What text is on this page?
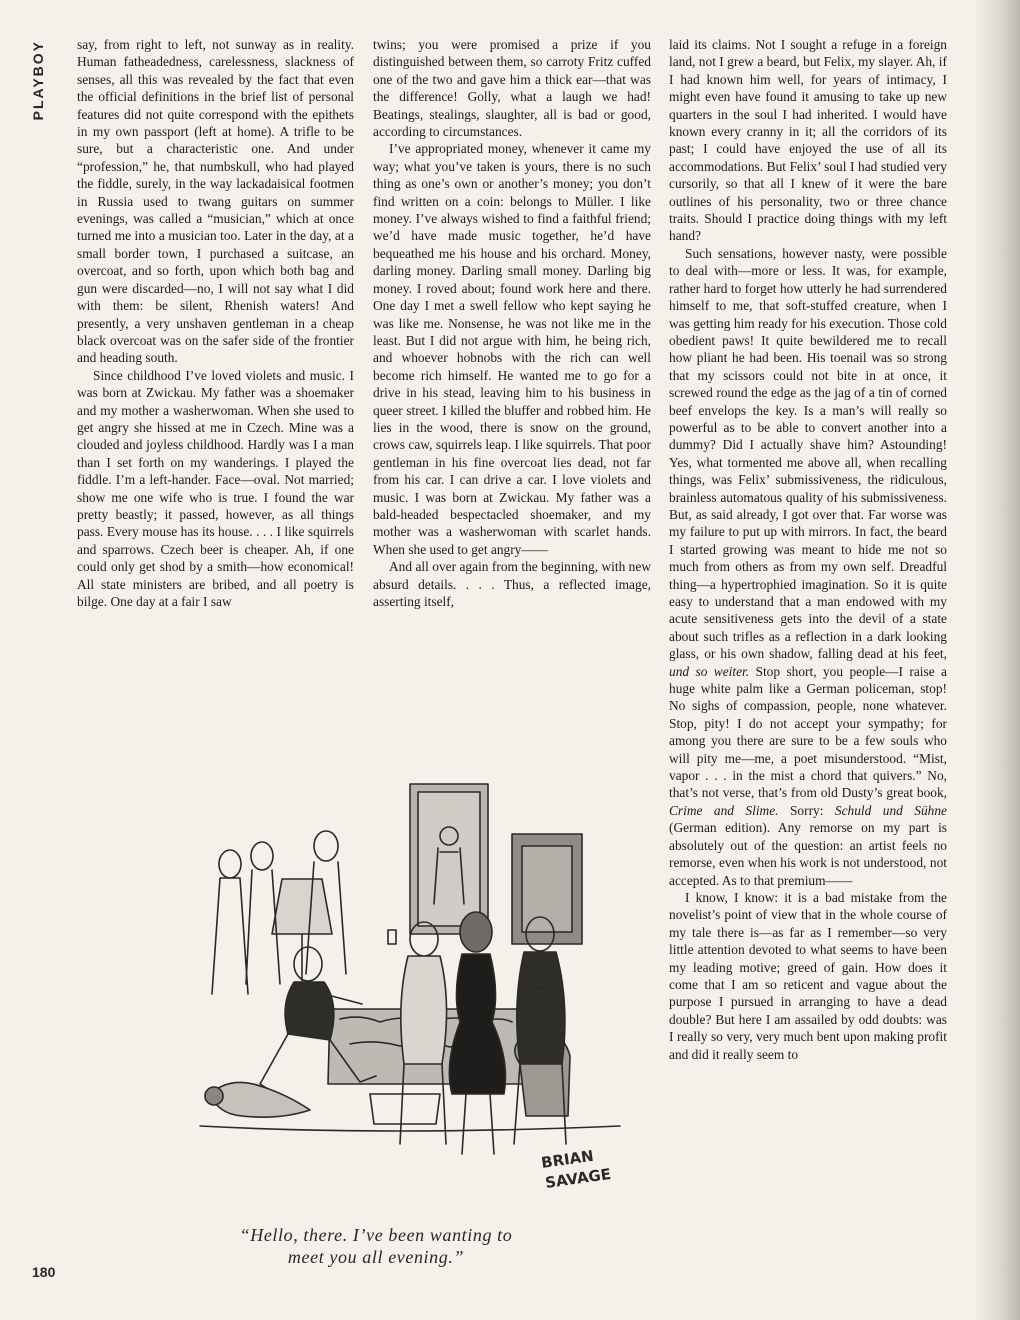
PLAYBOY	say, from right to left, not sunway as in reality. Human fatheadedness, carelessness, slackness of senses, all this was revealed by the fact that even the official definitions in the brief list of personal features did not quite correspond with the epithets in my own passport (left at home). A trifle to be sure, but a characteristic one. And under “profession,” he, that numbskull, who had played the fiddle, surely, in the way lackadaisical footmen in Russia used to twang guitars on summer evenings, was called a “musician,” which at once turned me into a musician too. Later in the day, at a small border town, I purchased a suitcase, an overcoat, and so forth, upon which both bag and gun were discarded—no, I will not say what I did with them: be silent, Rhenish waters! And presently, a very unshaven gentleman in a cheap black overcoat was on the safer side of the frontier and heading south.

Since childhood I’ve loved violets and music. I was born at Zwickau. My father was a shoemaker and my mother a washerwoman. When she used to get angry she hissed at me in Czech. Mine was a clouded and joyless childhood. Hardly was I a man than I set forth on my wanderings. I played the fiddle. I’m a left-hander. Face—oval. Not married; show me one wife who is true. I found the war pretty beastly; it passed, however, as all things pass. Every mouse has its house. . . . I like squirrels and sparrows. Czech beer is cheaper. Ah, if one could only get shod by a smith—how economical! All state ministers are bribed, and all poetry is bilge. One day at a fair I saw

twins; you were promised a prize if you distinguished between them, so carroty Fritz cuffed one of the two and gave him a thick ear—that was the difference! Golly, what a laugh we had! Beatings, stealings, slaughter, all is bad or good, according to circumstances.

I’ve appropriated money, whenever it came my way; what you’ve taken is yours, there is no such thing as one’s own or another’s money; you don’t find written on a coin: belongs to Müller. I like money. I’ve always wished to find a faithful friend; we’d have made music together, he’d have bequeathed me his house and his orchard. Money, darling money. Darling small money. Darling big money. I roved about; found work here and there. One day I met a swell fellow who kept saying he was like me. Nonsense, he was not like me in the least. But I did not argue with him, he being rich, and whoever hobnobs with the rich can well become rich himself. He wanted me to go for a drive in his stead, leaving him to his business in queer street. I killed the bluffer and robbed him. He lies in the wood, there is snow on the ground, crows caw, squirrels leap. I like squirrels. That poor gentleman in his fine overcoat lies dead, not far from his car. I can drive a car. I love violets and music. I was born at Zwickau. My father was a bald-headed bespectacled shoemaker, and my mother was a washerwoman with scarlet hands. When she used to get angry——

And all over again from the beginning, with new absurd details. . . . Thus, a reflected image, asserting itself,

laid its claims. Not I sought a refuge in a foreign land, not I grew a beard, but Felix, my slayer. Ah, if I had known him well, for years of intimacy, I might even have found it amusing to take up new quarters in the soul I had inherited. I would have known every cranny in it; all the corridors of its past; I could have enjoyed the use of all its accommodations. But Felix’ soul I had studied very cursorily, so that all I knew of it were the bare outlines of his personality, two or three chance traits. Should I practice doing things with my left hand?

Such sensations, however nasty, were possible to deal with—more or less. It was, for example, rather hard to forget how utterly he had surrendered himself to me, that soft-stuffed creature, when I was getting him ready for his execution. Those cold obedient paws! It quite bewildered me to recall how pliant he had been. His toenail was so strong that my scissors could not bite in at once, it screwed round the edge as the jag of a tin of corned beef envelops the key. Is a man’s will really so powerful as to be able to convert another into a dummy? Did I actually shave him? Astounding! Yes, what tormented me above all, when recalling things, was Felix’ submissiveness, the ridiculous, brainless automatous quality of his submissiveness. But, as said already, I got over that. Far worse was my failure to put up with mirrors. In fact, the beard I started growing was meant to hide me not so much from others as from my own self. Dreadful thing—a hypertrophied imagination. So it is quite easy to understand that a man endowed with my acute sensitiveness gets into the devil of a state about such trifles as a reflection in a dark looking glass, or his own shadow, falling dead at his feet, und so weiter. Stop short, you people—I raise a huge white palm like a German policeman, stop! No sighs of compassion, people, none whatever. Stop, pity! I do not accept your sympathy; for among you there are sure to be a few souls who will pity me—me, a poet misunderstood. “Mist, vapor . . . in the mist a chord that quivers.” No, that’s not verse, that’s from old Dusty’s great book, Crime and Slime. Sorry: Schuld und Sühne (German edition). Any remorse on my part is absolutely out of the question: an artist feels no remorse, even when his work is not understood, not accepted. As to that premium——

I know, I know: it is a bad mistake from the novelist’s point of view that in the whole course of my tale there is—as far as I remember—so very little attention devoted to what seems to have been my leading motive; greed of gain. How does it come that I am so reticent and vague about the purpose I pursued in arranging to have a dead double? But here I am assailed by odd doubts: was I really so very, very much bent upon making profit and did it really seem to

BRIAN
SAVAGE
“Hello, there. I’ve been wanting to
meet you all evening.”
180
